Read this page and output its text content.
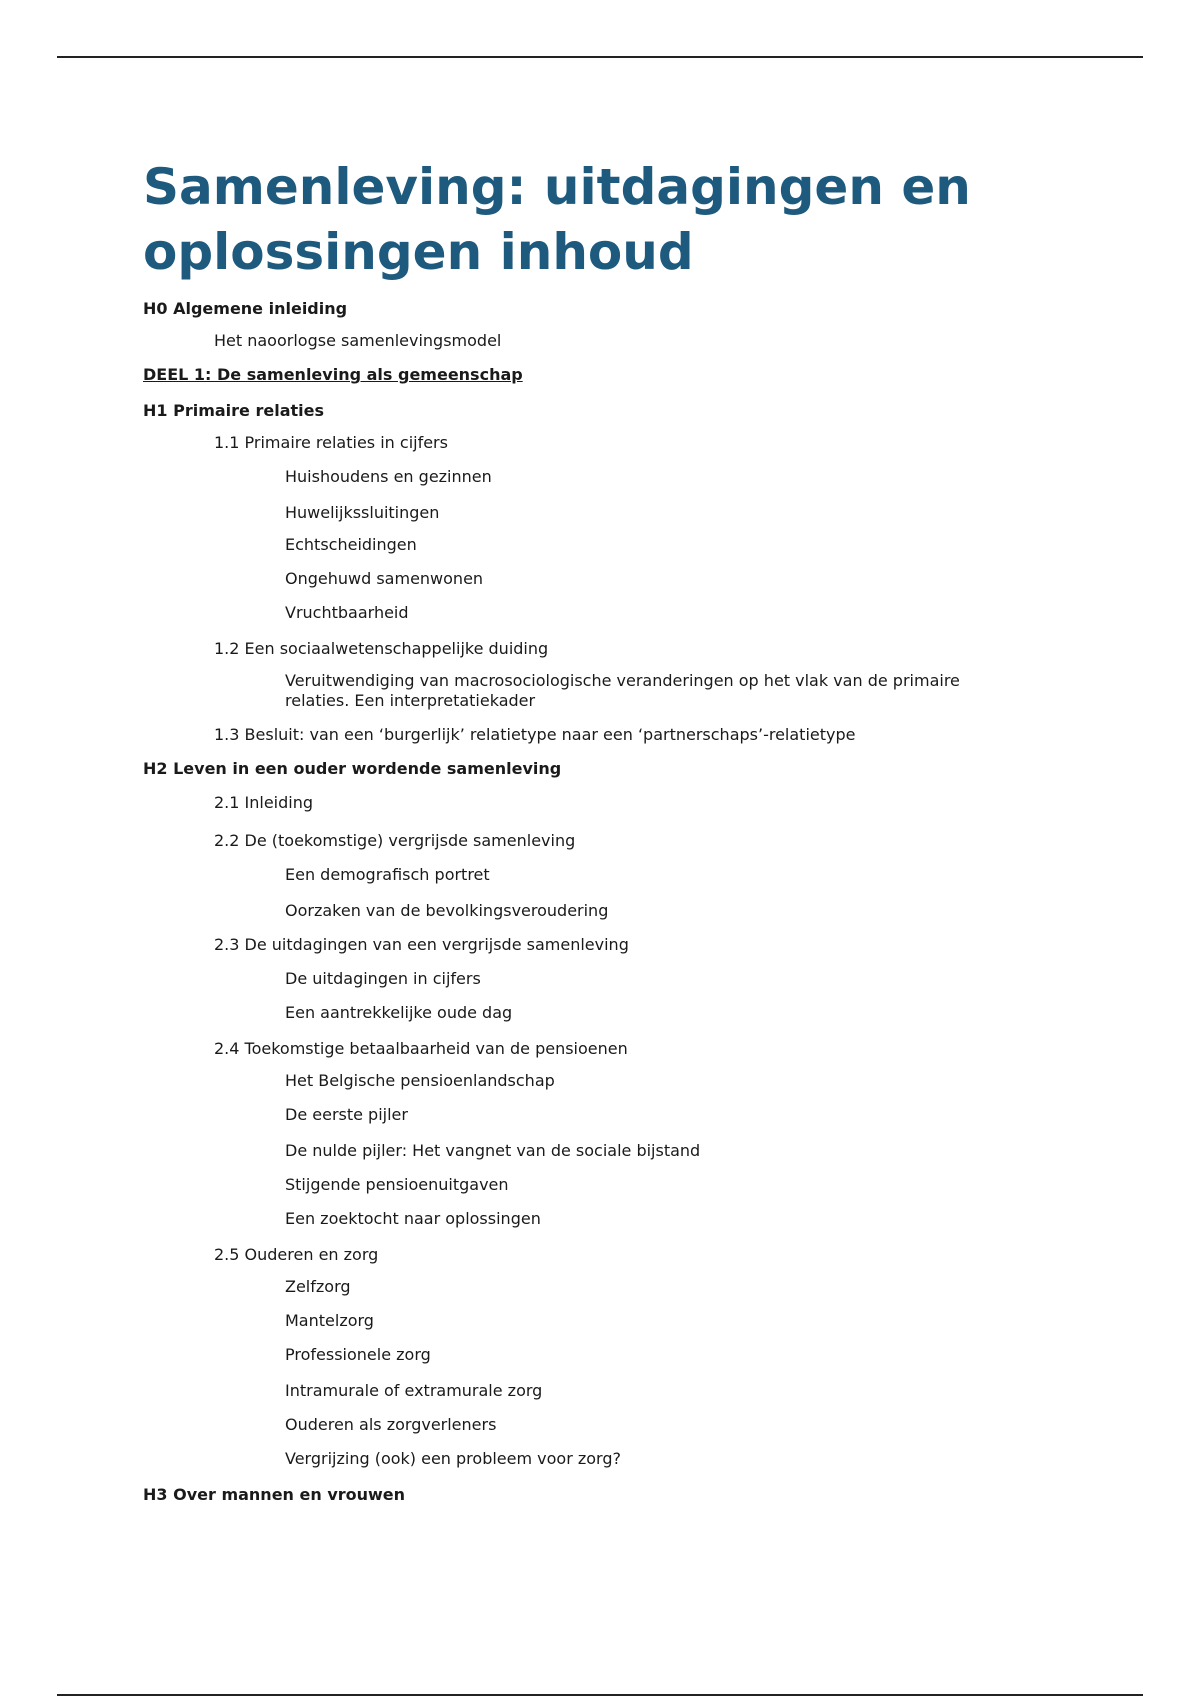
Samenleving: uitdagingen en oplossingen inhoud

H0 Algemene inleiding

Het naoorlogse samenlevingsmodel

DEEL 1: De samenleving als gemeenschap

H1 Primaire relaties

1.1 Primaire relaties in cijfers

Huishoudens en gezinnen

Huwelijkssluitingen

Echtscheidingen

Ongehuwd samenwonen

Vruchtbaarheid

1.2 Een sociaalwetenschappelijke duiding

Veruitwendiging van macrosociologische veranderingen op het vlak van de primaire relaties. Een interpretatiekader

1.3 Besluit: van een ‘burgerlijk’ relatietype naar een ‘partnerschaps’-relatietype

H2 Leven in een ouder wordende samenleving

2.1 Inleiding

2.2 De (toekomstige) vergrijsde samenleving

Een demografisch portret

Oorzaken van de bevolkingsveroudering

2.3 De uitdagingen van een vergrijsde samenleving

De uitdagingen in cijfers

Een aantrekkelijke oude dag

2.4 Toekomstige betaalbaarheid van de pensioenen

Het Belgische pensioenlandschap

De eerste pijler

De nulde pijler: Het vangnet van de sociale bijstand

Stijgende pensioenuitgaven

Een zoektocht naar oplossingen

2.5 Ouderen en zorg

Zelfzorg

Mantelzorg

Professionele zorg

Intramurale of extramurale zorg

Ouderen als zorgverleners

Vergrijzing (ook) een probleem voor zorg?

H3 Over mannen en vrouwen
